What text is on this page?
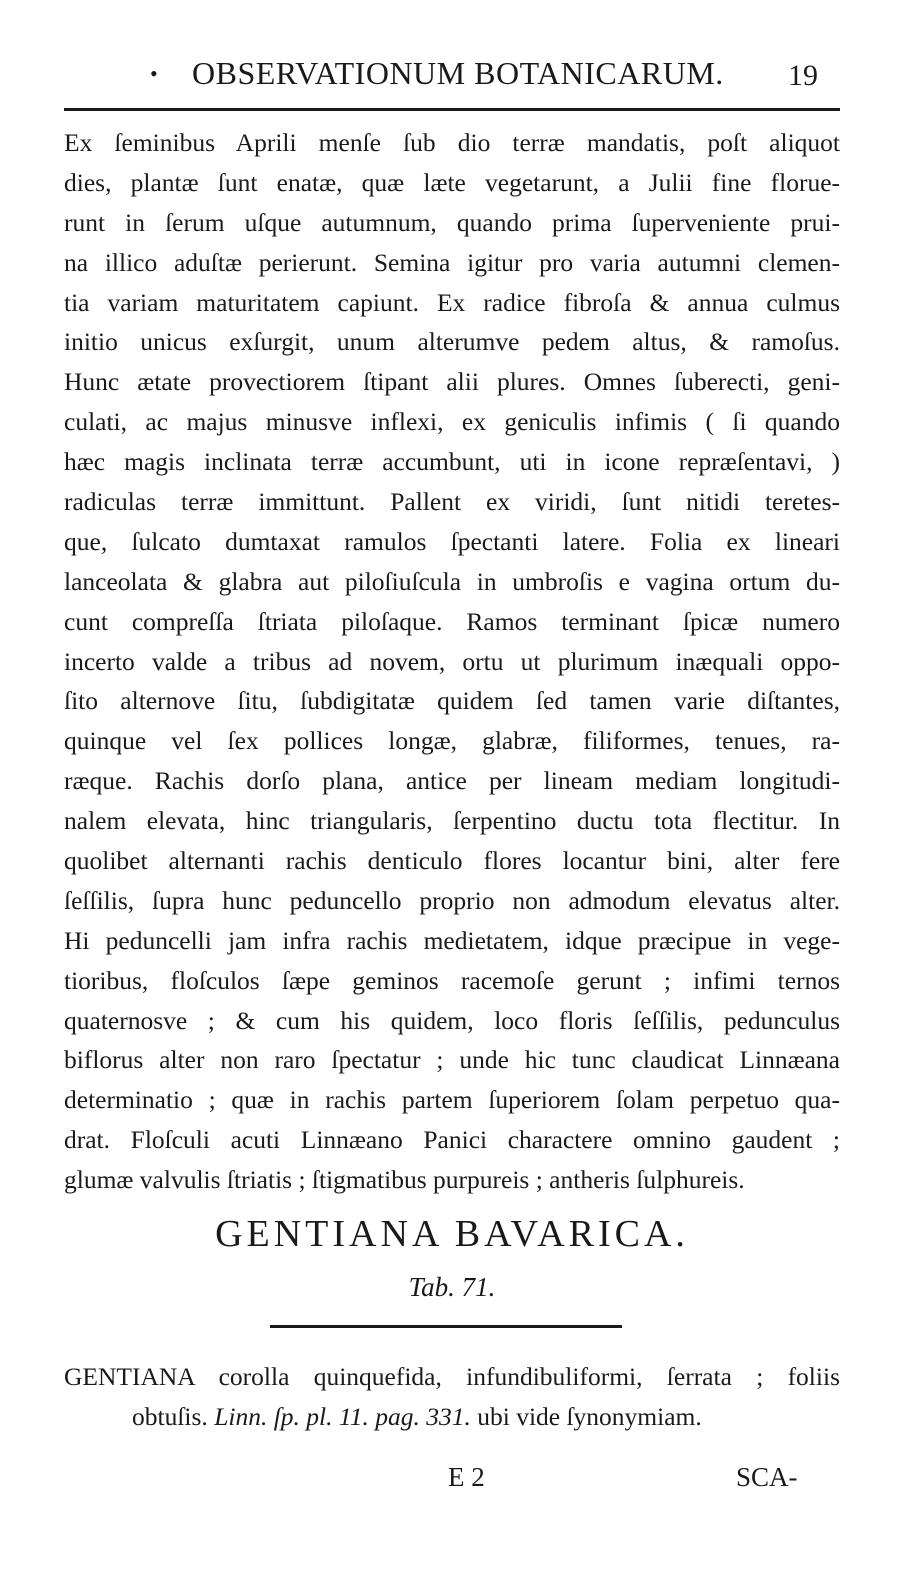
• OBSERVATIONUM BOTANICARUM. 19
Ex ſeminibus Aprili menſe ſub dio terræ mandatis, poſt aliquot
dies, plantæ ſunt enatæ, quæ læte vegetarunt, a Julii fine floruе-
runt in ſerum uſque autumnum, quando prima ſupervenientе prui-
na illico aduſtæ perierunt. Semina igitur pro varia autumni clemen-
tia variam maturitatem capiunt. Ex radice fibroſa & annua culmus
initio unicus exſurgit, unum alterumve pedem altus, & ramoſus.
Hunc ætate provectiorem ſtipant alii plures. Omnes ſuberecti, geni-
culati, ac majus minusve inflexi, ex geniculis infimis ( ſi quando
hæc magis inclinata terræ accumbunt, uti in icone repræſentavi, )
radiculas terræ immittunt. Pallent ex viridi, ſunt nitidi teretes-
que, ſulcato dumtaxat ramulos ſpectanti latere. Folia ex lineari
lanceolata & glabra aut piloſiuſcula in umbroſis e vagina ortum du-
cunt compreſſa ſtriata piloſaque. Ramos terminant ſpicæ numero
incerto valde a tribus ad novem, ortu ut plurimum inæquali oppo-
ſito alternove ſitu, ſubdigitatæ quidem ſed tamen varie diſtantes,
quinque vel ſex pollices longæ, glabræ, filiformes, tenues, ra-
ræque. Rachis dorſo plana, antice per lineam mediam longitudi-
nalem elevata, hinc triangularis, ſerpentino ductu tota flectitur. In
quolibet alternanti rachis denticulo flores locantur bini, alter fere
ſeſſilis, ſupra hunc peduncello proprio non admodum elevatus alter.
Hi peduncelli jam infra rachis medietatem, idque præcipue in vege-
tioribus, floſculos ſæpe geminos racemoſe gerunt ; infimi ternos
quaternosve ; & cum his quidem, loco floris ſeſſilis, pedunculus
biflorus alter non raro ſpectatur ; unde hic tunc claudicat Linnæana
determinatio ; quæ in rachis partem ſuperiorem ſolam perpetuo qua-
drat. Floſculi acuti Linnæano Panici charactere omnino gaudent ;
glumæ valvulis ſtriatis ; ſtigmatibus purpureis ; antheris ſulphureis.
GENTIANA BAVARICA.
Tab. 71.
GENTIANA corolla quinquefida, infundibuliformi, ſerrata ; foliis
obtuſis. Linn. ſp. pl. 11. pag. 331. ubi vide ſynonymiam.
E 2	SCA-
